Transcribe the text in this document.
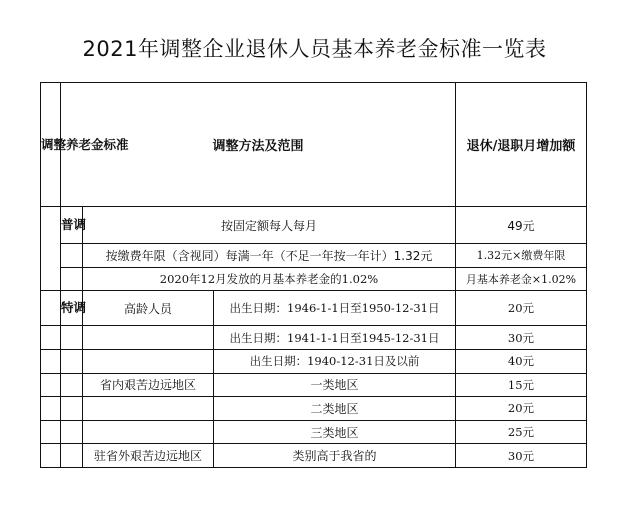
2021年调整企业退休人员基本养老金标准一览表
调整养老金标准	调整方法及范围			退休/退职月增加额
	普调	按固定额每人每月		49元
		按缴费年限（含视同）每满一年（不足一年按一年计）1.32元		1.32元×缴费年限
		2020年12月发放的月基本养老金的1.02%		月基本养老金×1.02%
	特调	高龄人员	出生日期：1946-1-1日至1950-12-31日	20元
			出生日期：1941-1-1日至1945-12-31日	30元
			出生日期：1940-12-31日及以前	40元
		省内艰苦边远地区	一类地区	15元
			二类地区	20元
			三类地区	25元
		驻省外艰苦边远地区	类别高于我省的	30元
